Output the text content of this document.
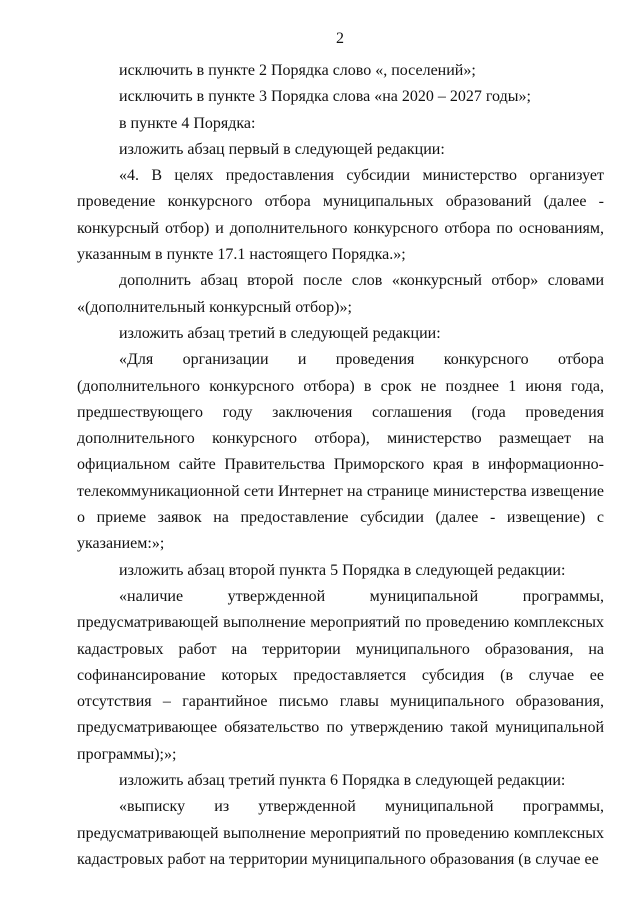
2

исключить в пункте 2 Порядка слово «, поселений»;

исключить в пункте 3 Порядка слова «на 2020 – 2027 годы»;

в пункте 4 Порядка:

изложить абзац первый в следующей редакции:

«4. В целях предоставления субсидии министерство организует проведение конкурсного отбора муниципальных образований (далее - конкурсный отбор) и дополнительного конкурсного отбора по основаниям, указанным в пункте 17.1 настоящего Порядка.»;

дополнить абзац второй после слов «конкурсный отбор» словами «(дополнительный конкурсный отбор)»;

изложить абзац третий в следующей редакции:

«Для организации и проведения конкурсного отбора (дополнительного конкурсного отбора) в срок не позднее 1 июня года, предшествующего году заключения соглашения (года проведения дополнительного конкурсного отбора), министерство размещает на официальном сайте Правительства Приморского края в информационно-телекоммуникационной сети Интернет на странице министерства извещение о приеме заявок на предоставление субсидии (далее - извещение) с указанием:»;

изложить абзац второй пункта 5 Порядка в следующей редакции:

«наличие утвержденной муниципальной программы, предусматривающей выполнение мероприятий по проведению комплексных кадастровых работ на территории муниципального образования, на софинансирование которых предоставляется субсидия (в случае ее отсутствия – гарантийное письмо главы муниципального образования, предусматривающее обязательство по утверждению такой муниципальной программы);»;

изложить абзац третий пункта 6 Порядка в следующей редакции:

«выписку из утвержденной муниципальной программы, предусматривающей выполнение мероприятий по проведению комплексных кадастровых работ на территории муниципального образования (в случае ее
